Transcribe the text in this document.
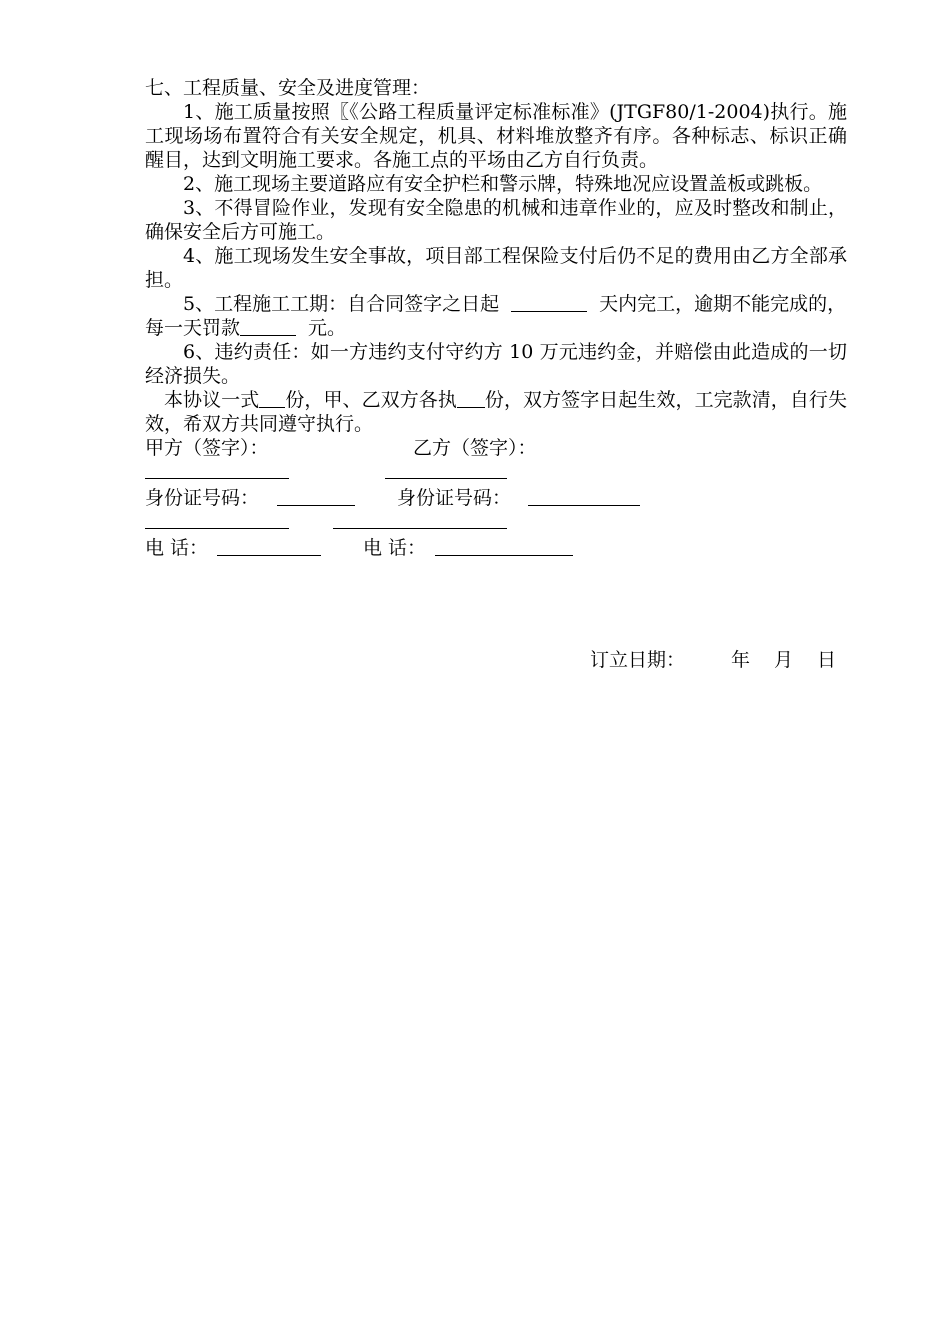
七、工程质量、安全及进度管理：

1、施工质量按照〖《公路工程质量评定标准标准》(JTGF80/1-2004)执行。施工现场场布置符合有关安全规定，机具、材料堆放整齐有序。各种标志、标识正确醒目，达到文明施工要求。各施工点的平场由乙方自行负责。

2、施工现场主要道路应有安全护栏和警示牌，特殊地况应设置盖板或跳板。

3、不得冒险作业，发现有安全隐患的机械和违章作业的，应及时整改和制止，确保安全后方可施工。

4、施工现场发生安全事故，项目部工程保险支付后仍不足的费用由乙方全部承担。

5、工程施工工期：自合同签字之日起	天内完工，逾期不能完成的，每一天罚款	元。

6、违约责任：如一方违约支付守约方 10 万元违约金，并赔偿由此造成的一切经济损失。

本协议一式 份，甲、乙双方各执 份，双方签字日起生效，工完款清，自行失效，希双方共同遵守执行。

甲方（签字）：	乙方（签字）：
身份证号码：	身份证号码：
电 话：	电 话：
订立日期： 年 月 日
